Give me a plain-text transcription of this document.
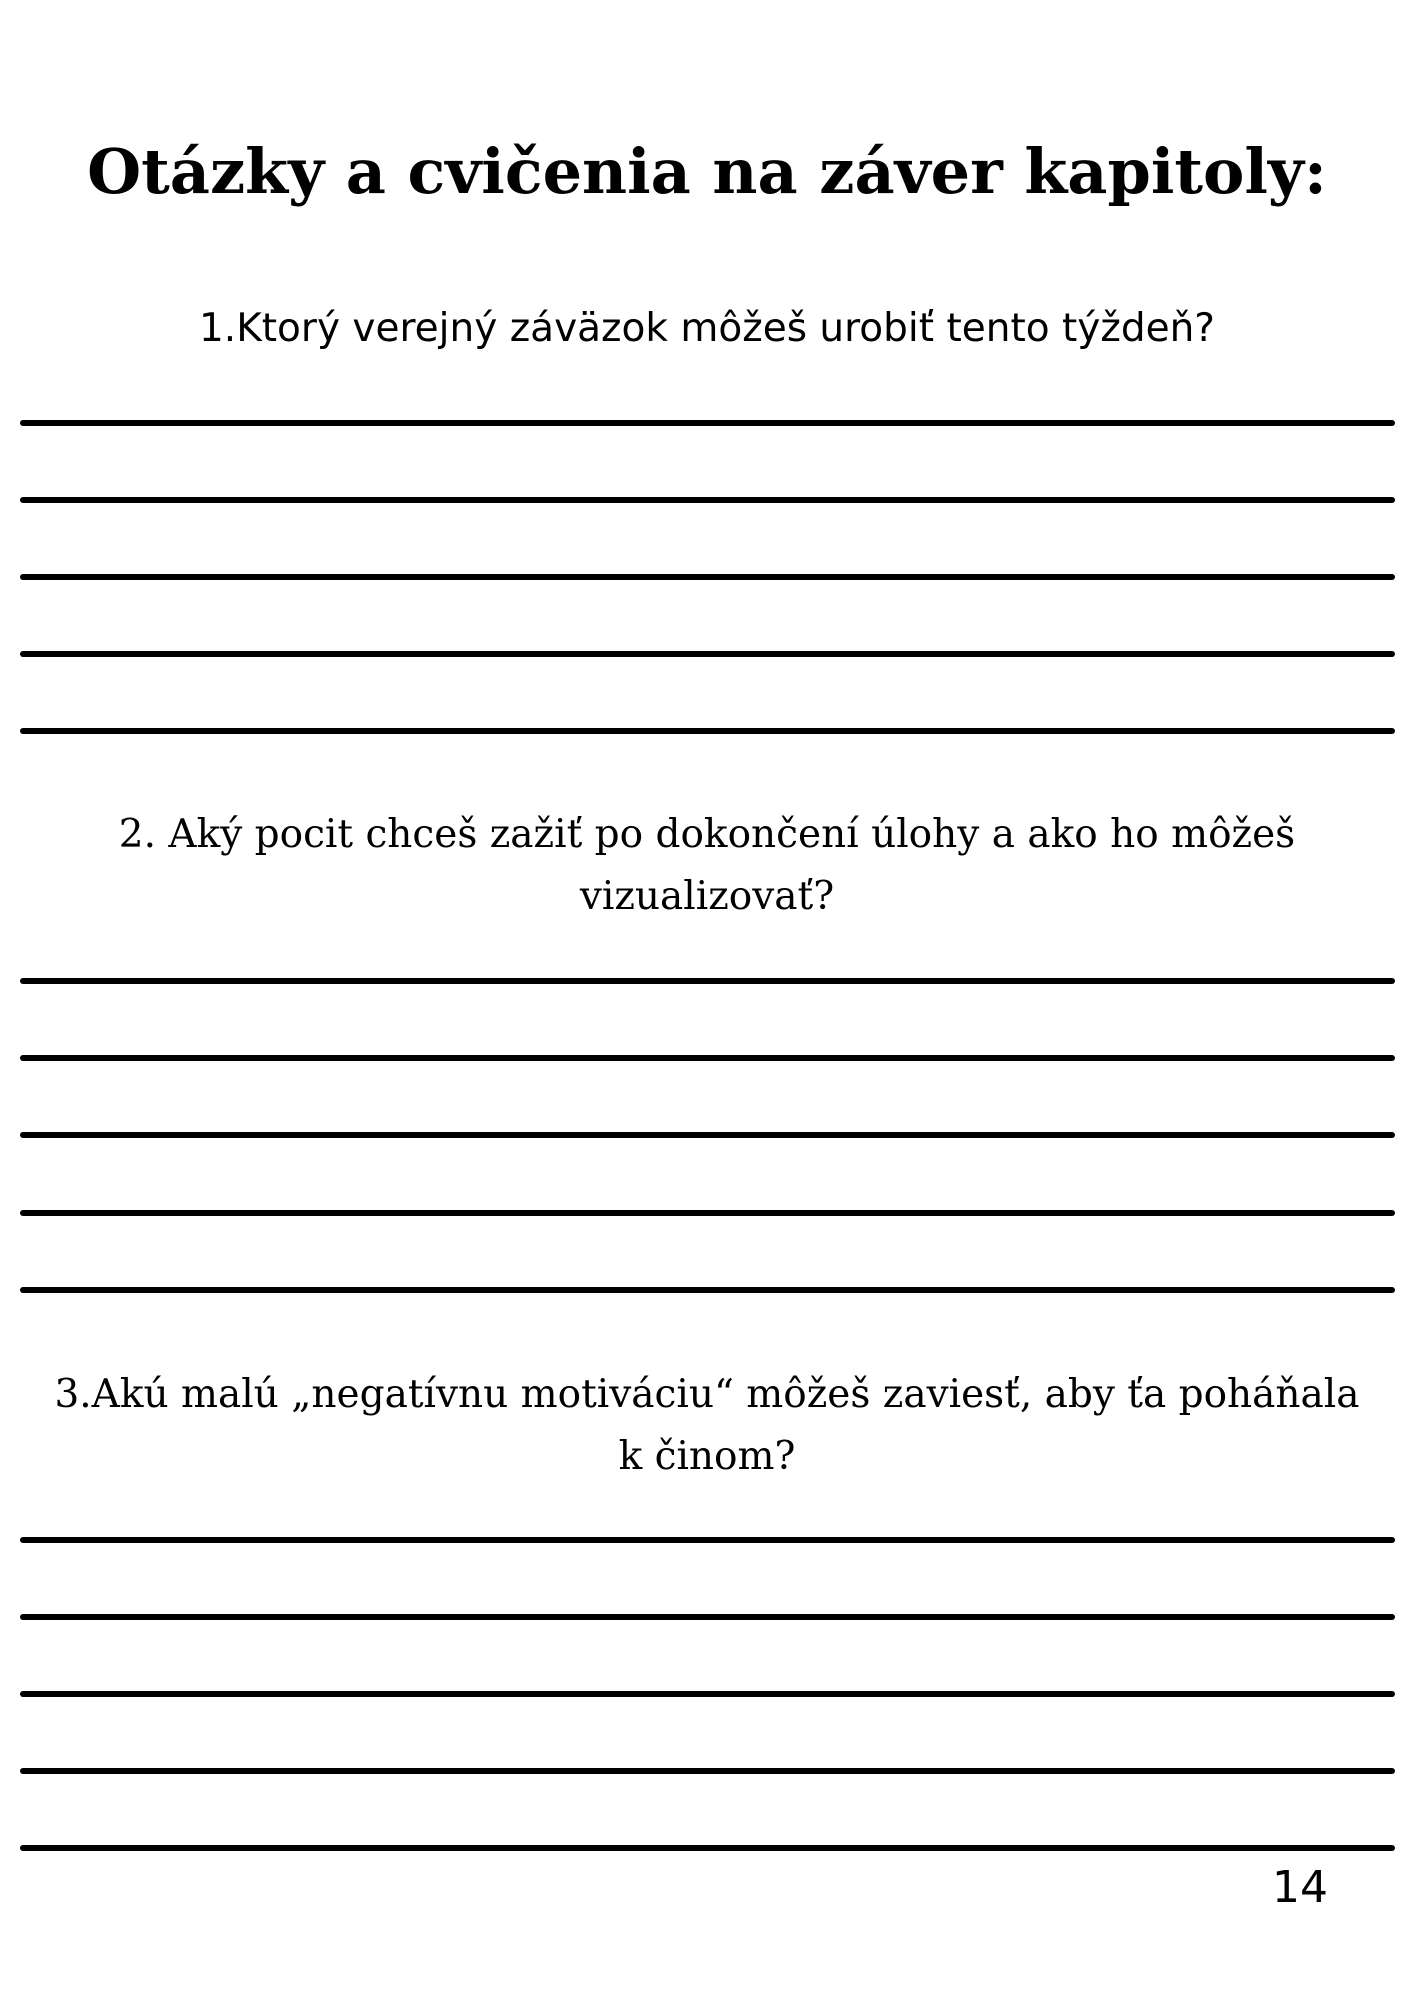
Otázky a cvičenia na záver kapitoly:

1.Ktorý verejný záväzok môžeš urobiť tento týždeň?

2. Aký pocit chceš zažiť po dokončení úlohy a ako ho môžeš vizualizovať?

3.Akú malú „negatívnu motiváciu“ môžeš zaviesť, aby ťa poháňala k činom?

14
